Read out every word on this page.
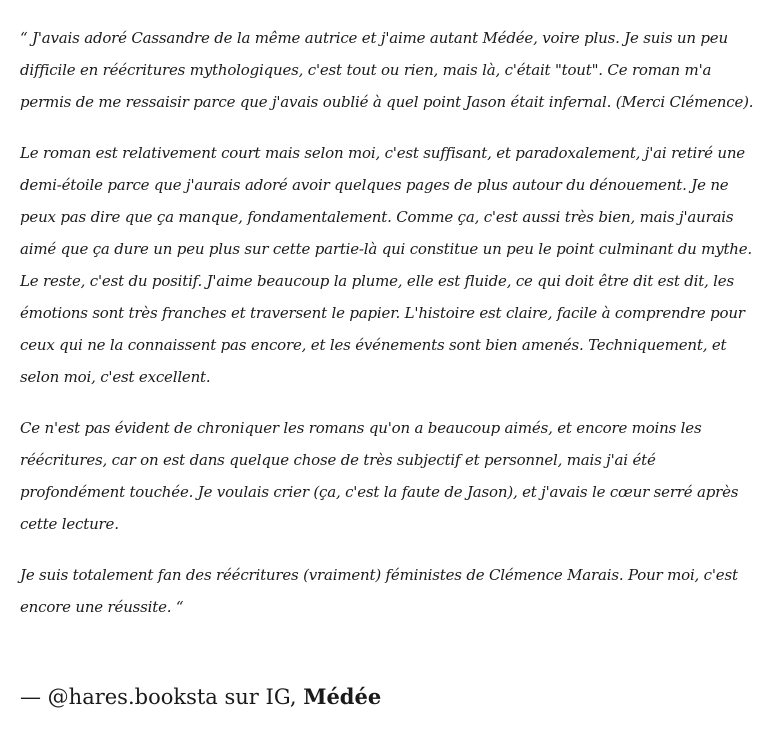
“ J'avais adoré Cassandre de la même autrice et j'aime autant Médée, voire plus. Je suis un peu difficile en réécritures mythologiques, c'est tout ou rien, mais là, c'était "tout". Ce roman m'a permis de me ressaisir parce que j'avais oublié à quel point Jason était infernal. (Merci Clémence).

Le roman est relativement court mais selon moi, c'est suffisant, et paradoxalement, j'ai retiré une demi-étoile parce que j'aurais adoré avoir quelques pages de plus autour du dénouement. Je ne peux pas dire que ça manque, fondamentalement. Comme ça, c'est aussi très bien, mais j'aurais aimé que ça dure un peu plus sur cette partie-là qui constitue un peu le point culminant du mythe. Le reste, c'est du positif. J'aime beaucoup la plume, elle est fluide, ce qui doit être dit est dit, les émotions sont très franches et traversent le papier. L'histoire est claire, facile à comprendre pour ceux qui ne la connaissent pas encore, et les événements sont bien amenés. Techniquement, et selon moi, c'est excellent.

Ce n'est pas évident de chroniquer les romans qu'on a beaucoup aimés, et encore moins les réécritures, car on est dans quelque chose de très subjectif et personnel, mais j'ai été profondément touchée. Je voulais crier (ça, c'est la faute de Jason), et j'avais le cœur serré après cette lecture.

Je suis totalement fan des réécritures (vraiment) féministes de Clémence Marais. Pour moi, c'est encore une réussite. “

— @hares.booksta sur IG, Médée
